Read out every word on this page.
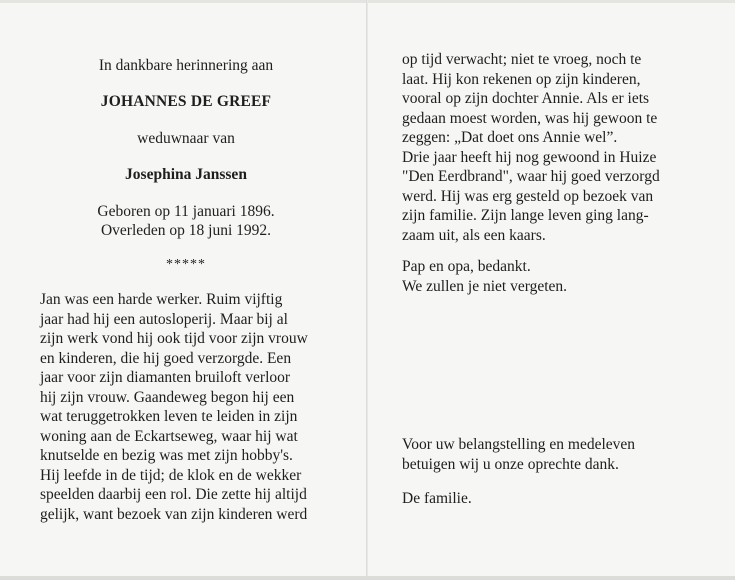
In dankbare herinnering aan
JOHANNES DE GREEF
weduwnaar van
Josephina Janssen
Geboren op 11 januari 1896.
Overleden op 18 juni 1992.
*****
Jan was een harde werker. Ruim vijftig
jaar had hij een autosloperij. Maar bij al
zijn werk vond hij ook tijd voor zijn vrouw
en kinderen, die hij goed verzorgde. Een
jaar voor zijn diamanten bruiloft verloor
hij zijn vrouw. Gaandeweg begon hij een
wat teruggetrokken leven te leiden in zijn
woning aan de Eckartseweg, waar hij wat
knutselde en bezig was met zijn hobby's.
Hij leefde in de tijd; de klok en de wekker
speelden daarbij een rol. Die zette hij altijd
gelijk, want bezoek van zijn kinderen werd
op tijd verwacht; niet te vroeg, noch te
laat. Hij kon rekenen op zijn kinderen,
vooral op zijn dochter Annie. Als er iets
gedaan moest worden, was hij gewoon te
zeggen: „Dat doet ons Annie wel”.
Drie jaar heeft hij nog gewoond in Huize
"Den Eerdbrand", waar hij goed verzorgd
werd. Hij was erg gesteld op bezoek van
zijn familie. Zijn lange leven ging lang-
zaam uit, als een kaars.
Pap en opa, bedankt.
We zullen je niet vergeten.
Voor uw belangstelling en medeleven
betuigen wij u onze oprechte dank.
De familie.
